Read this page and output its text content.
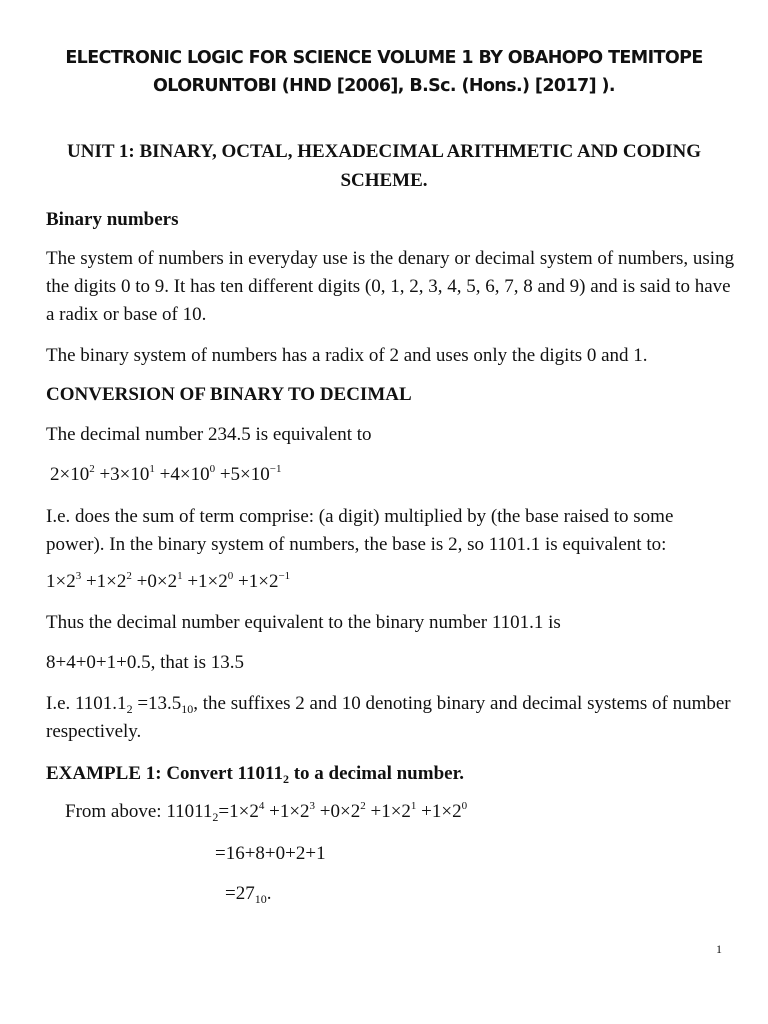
ELECTRONIC LOGIC FOR SCIENCE VOLUME 1 BY OBAHOPO TEMITOPE OLORUNTOBI (HND [2006], B.Sc. (Hons.) [2017] ).
UNIT 1: BINARY, OCTAL, HEXADECIMAL ARITHMETIC AND CODING SCHEME.
Binary numbers
The system of numbers in everyday use is the denary or decimal system of numbers, using the digits 0 to 9. It has ten different digits (0, 1, 2, 3, 4, 5, 6, 7, 8 and 9) and is said to have a radix or base of 10.
The binary system of numbers has a radix of 2 and uses only the digits 0 and 1.
CONVERSION OF BINARY TO DECIMAL
The decimal number 234.5 is equivalent to
$2\times 10^2 +3\times 10^1 +4\times 10^0 +5\times 10^{-1}$
I.e. does the sum of term comprise: (a digit) multiplied by (the base raised to some power). In the binary system of numbers, the base is 2, so 1101.1 is equivalent to:
$1\times 2^3 +1\times 2^2 +0\times 2^1 +1\times 2^0 +1\times 2^{-1}$
Thus the decimal number equivalent to the binary number 1101.1 is
8+4+0+1+0.5, that is 13.5
I.e. $1101.1_2 =13.5_{10}$, the suffixes 2 and 10 denoting binary and decimal systems of number respectively.
EXAMPLE 1: Convert $11011_2$ to a decimal number.
From above: $11011_2=1\times 2^4 +1\times 2^3 +0\times 2^2 +1\times 2^1 +1\times 2^0$
=16+8+0+2+1
$=27_{10}$.
1
